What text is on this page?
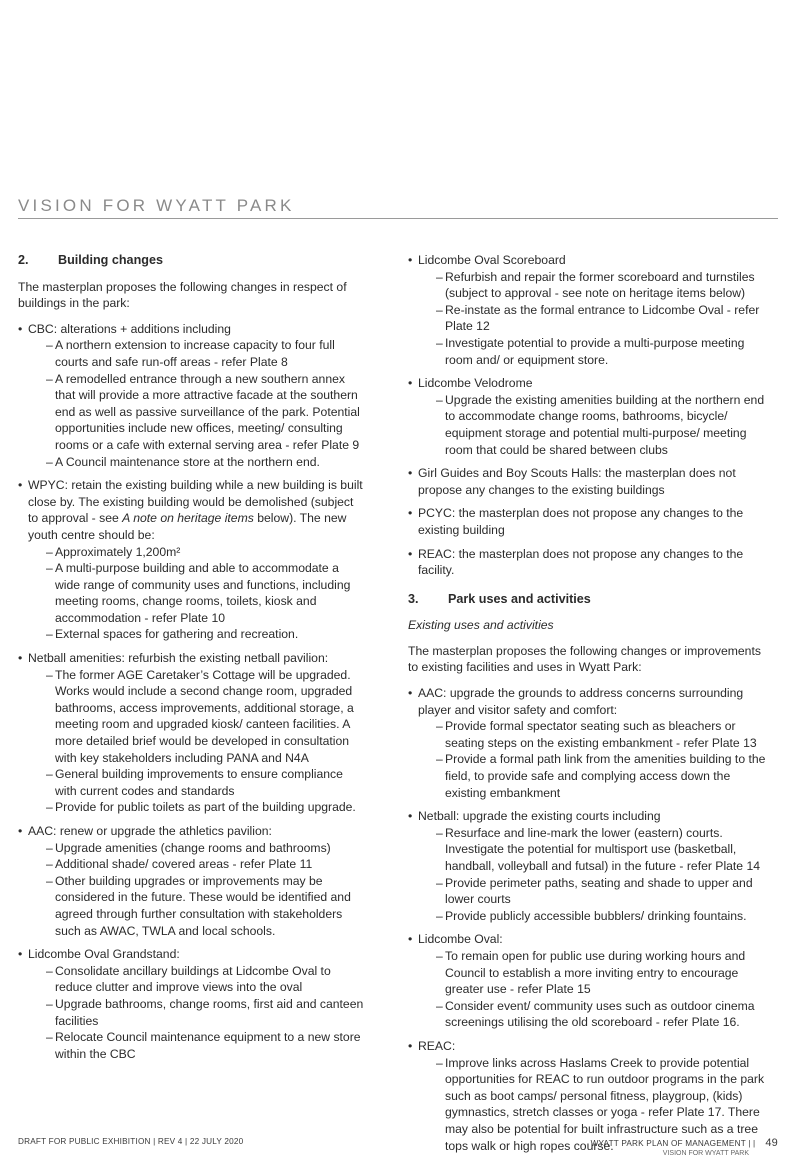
VISION FOR WYATT PARK
2.	Building changes

The masterplan proposes the following changes in respect of buildings in the park:

• CBC: alterations + additions including
– A northern extension to increase capacity to four full courts and safe run-off areas - refer Plate 8
– A remodelled entrance through a new southern annex that will provide a more attractive facade at the southern end as well as passive surveillance of the park. Potential opportunities include new offices, meeting/ consulting rooms or a cafe with external serving area - refer Plate 9
– A Council maintenance store at the northern end.
• WPYC: retain the existing building while a new building is built close by. The existing building would be demolished (subject to approval - see A note on heritage items below). The new youth centre should be:
– Approximately 1,200m²
– A multi-purpose building and able to accommodate a wide range of community uses and functions, including meeting rooms, change rooms, toilets, kiosk and accommodation - refer Plate 10
– External spaces for gathering and recreation.
• Netball amenities: refurbish the existing netball pavilion:
– The former AGE Caretaker’s Cottage will be upgraded. Works would include a second change room, upgraded bathrooms, access improvements, additional storage, a meeting room and upgraded kiosk/ canteen facilities. A more detailed brief would be developed in consultation with key stakeholders including PANA and N4A
– General building improvements to ensure compliance with current codes and standards
– Provide for public toilets as part of the building upgrade.
• AAC: renew or upgrade the athletics pavilion:
– Upgrade amenities (change rooms and bathrooms)
– Additional shade/ covered areas - refer Plate 11
– Other building upgrades or improvements may be considered in the future. These would be identified and agreed through further consultation with stakeholders such as AWAC, TWLA and local schools.
• Lidcombe Oval Grandstand:
– Consolidate ancillary buildings at Lidcombe Oval to reduce clutter and improve views into the oval
– Upgrade bathrooms, change rooms, first aid and canteen facilities
– Relocate Council maintenance equipment to a new store within the CBC
• Lidcombe Oval Scoreboard
– Refurbish and repair the former scoreboard and turnstiles (subject to approval - see note on heritage items below)
– Re-instate as the formal entrance to Lidcombe Oval - refer Plate 12
– Investigate potential to provide a multi-purpose meeting room and/ or equipment store.
• Lidcombe Velodrome
– Upgrade the existing amenities building at the northern end to accommodate change rooms, bathrooms, bicycle/ equipment storage and potential multi-purpose/ meeting room that could be shared between clubs
• Girl Guides and Boy Scouts Halls: the masterplan does not propose any changes to the existing buildings
• PCYC: the masterplan does not propose any changes to the existing building
• REAC: the masterplan does not propose any changes to the facility.
3.	Park uses and activities

Existing uses and activities

The masterplan proposes the following changes or improvements to existing facilities and uses in Wyatt Park:

• AAC: upgrade the grounds to address concerns surrounding player and visitor safety and comfort:
– Provide formal spectator seating such as bleachers or seating steps on the existing embankment - refer Plate 13
– Provide a formal path link from the amenities building to the field, to provide safe and complying access down the existing embankment
• Netball: upgrade the existing courts including
– Resurface and line-mark the lower (eastern) courts. Investigate the potential for multisport use (basketball, handball, volleyball and futsal) in the future - refer Plate 14
– Provide perimeter paths, seating and shade to upper and lower courts
– Provide publicly accessible bubblers/ drinking fountains.
• Lidcombe Oval:
– To remain open for public use during working hours and Council to establish a more inviting entry to encourage greater use - refer Plate 15
– Consider event/ community uses such as outdoor cinema screenings utilising the old scoreboard - refer Plate 16.
• REAC:
– Improve links across Haslams Creek to provide potential opportunities for REAC to run outdoor programs in the park such as boot camps/ personal fitness, playgroup, (kids) gymnastics, stretch classes or yoga - refer Plate 17. There may also be potential for built infrastructure such as a tree tops walk or high ropes course.
DRAFT FOR PUBLIC EXHIBITION | REV 4 | 22 JULY 2020	WYATT PARK PLAN OF MANAGEMENT | | 49
VISION FOR WYATT PARK
